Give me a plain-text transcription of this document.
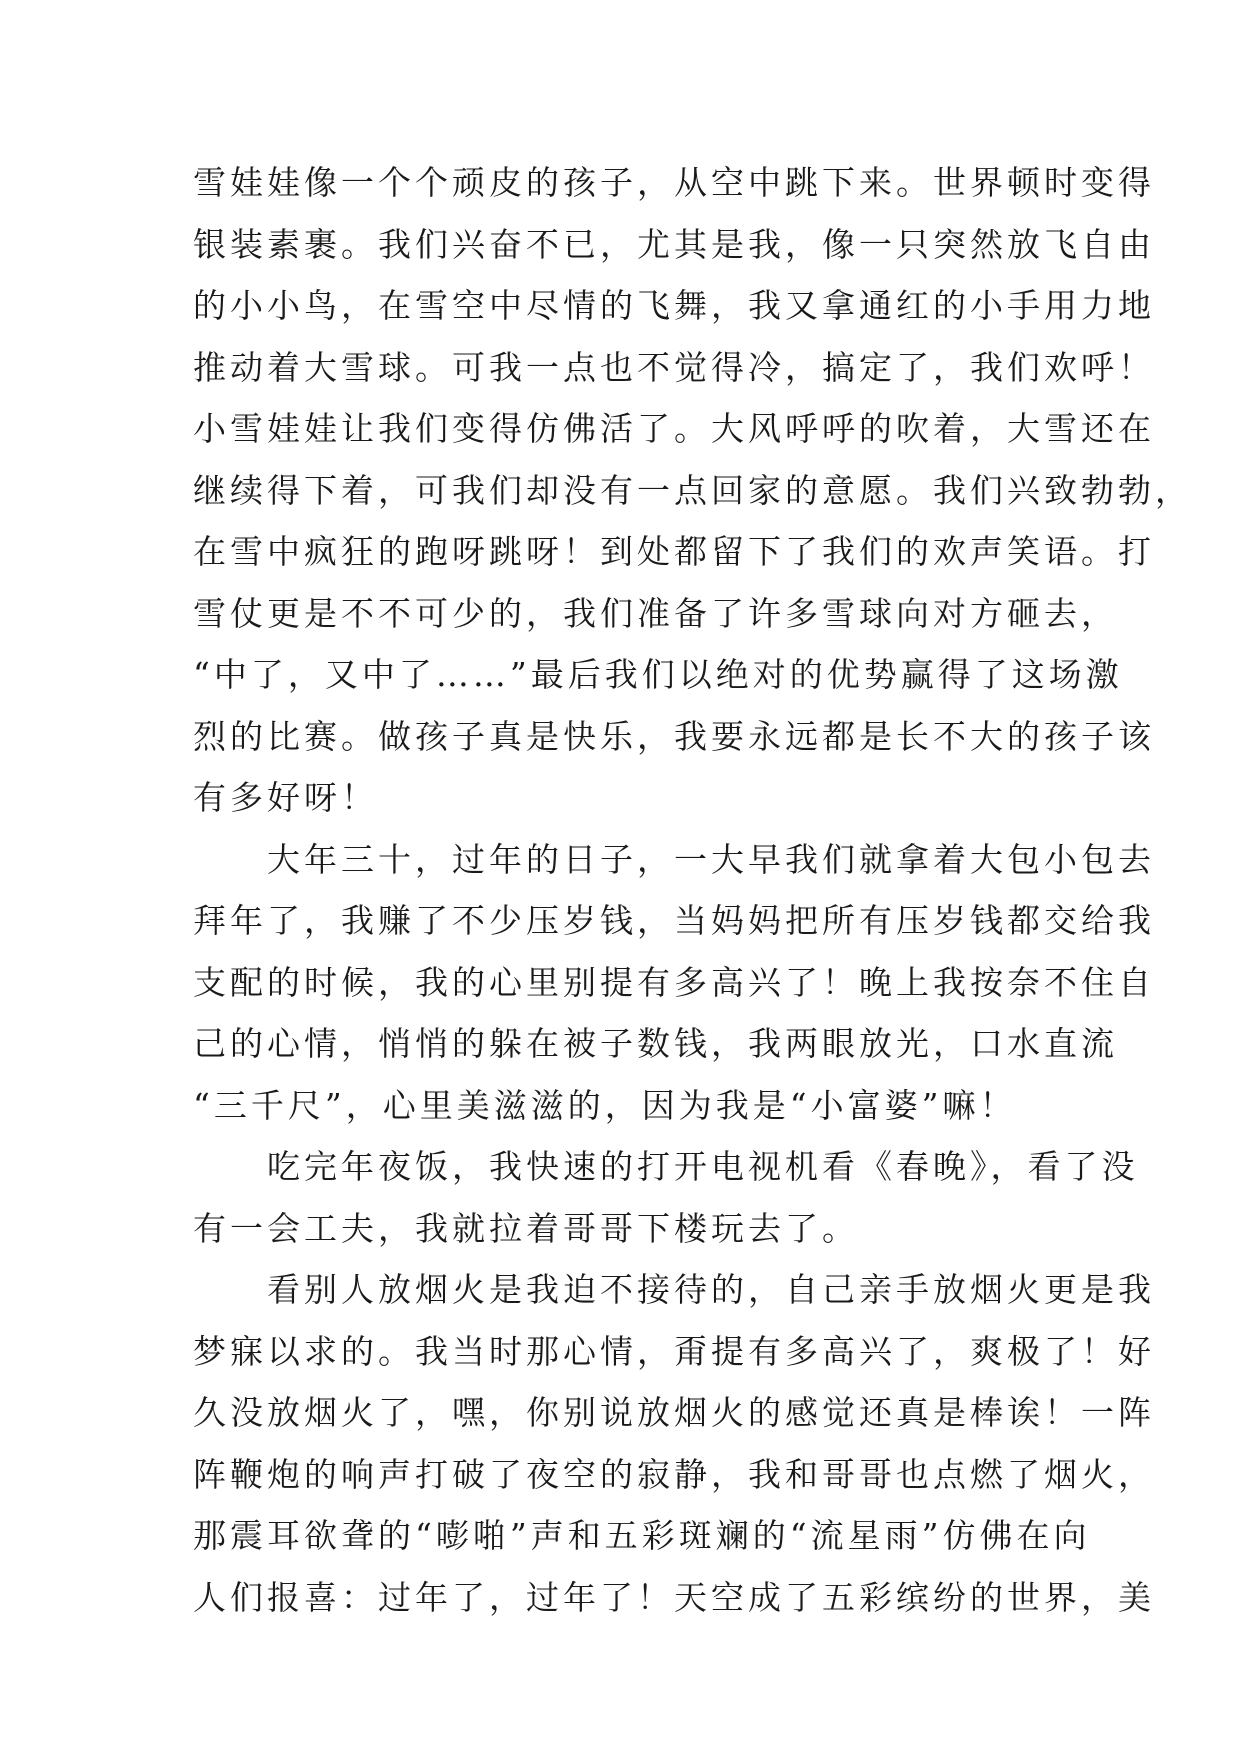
雪娃娃像一个个顽皮的孩子，从空中跳下来。世界顿时变得
银装素裹。我们兴奋不已，尤其是我，像一只突然放飞自由
的小小鸟，在雪空中尽情的飞舞，我又拿通红的小手用力地
推动着大雪球。可我一点也不觉得冷，搞定了，我们欢呼！
小雪娃娃让我们变得仿佛活了。大风呼呼的吹着，大雪还在
继续得下着，可我们却没有一点回家的意愿。我们兴致勃勃，
在雪中疯狂的跑呀跳呀！到处都留下了我们的欢声笑语。打
雪仗更是不不可少的，我们准备了许多雪球向对方砸去，
“中了，又中了……”最后我们以绝对的优势赢得了这场激
烈的比赛。做孩子真是快乐，我要永远都是长不大的孩子该
有多好呀！
　　大年三十，过年的日子，一大早我们就拿着大包小包去
拜年了，我赚了不少压岁钱，当妈妈把所有压岁钱都交给我
支配的时候，我的心里别提有多高兴了！晚上我按奈不住自
己的心情，悄悄的躲在被子数钱，我两眼放光，口水直流
“三千尺”，心里美滋滋的，因为我是“小富婆”嘛！
　　吃完年夜饭，我快速的打开电视机看《春晚》，看了没
有一会工夫，我就拉着哥哥下楼玩去了。
　　看别人放烟火是我迫不接待的，自己亲手放烟火更是我
梦寐以求的。我当时那心情，甭提有多高兴了，爽极了！好
久没放烟火了，嘿，你别说放烟火的感觉还真是棒诶！一阵
阵鞭炮的响声打破了夜空的寂静，我和哥哥也点燃了烟火，
那震耳欲聋的“嘭啪”声和五彩斑斓的“流星雨”仿佛在向
人们报喜：过年了，过年了！天空成了五彩缤纷的世界，美
